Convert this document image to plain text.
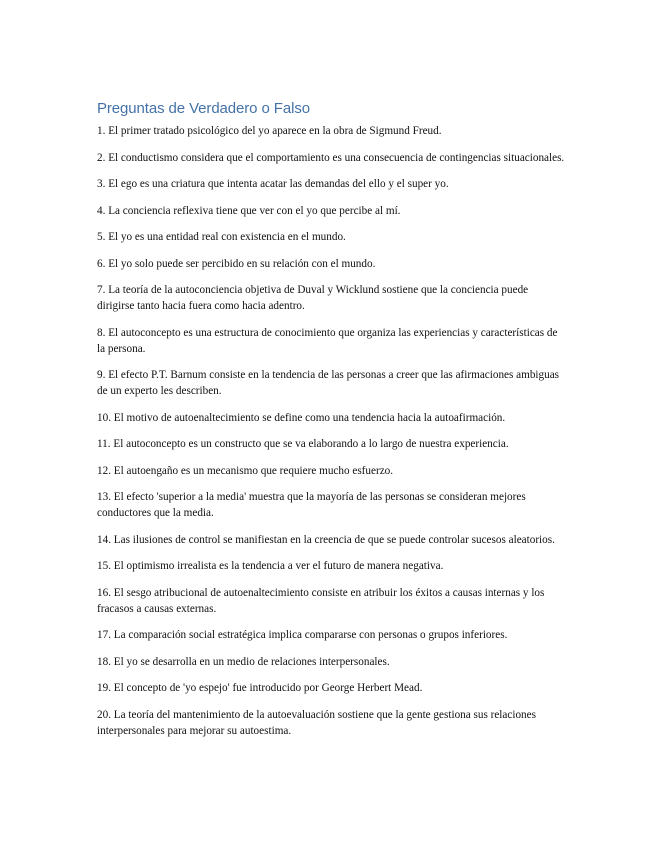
Preguntas de Verdadero o Falso
1. El primer tratado psicológico del yo aparece en la obra de Sigmund Freud.
2. El conductismo considera que el comportamiento es una consecuencia de contingencias situacionales.
3. El ego es una criatura que intenta acatar las demandas del ello y el super yo.
4. La conciencia reflexiva tiene que ver con el yo que percibe al mí.
5. El yo es una entidad real con existencia en el mundo.
6. El yo solo puede ser percibido en su relación con el mundo.
7. La teoría de la autoconciencia objetiva de Duval y Wicklund sostiene que la conciencia puede dirigirse tanto hacia fuera como hacia adentro.
8. El autoconcepto es una estructura de conocimiento que organiza las experiencias y características de la persona.
9. El efecto P.T. Barnum consiste en la tendencia de las personas a creer que las afirmaciones ambiguas de un experto les describen.
10. El motivo de autoenaltecimiento se define como una tendencia hacia la autoafirmación.
11. El autoconcepto es un constructo que se va elaborando a lo largo de nuestra experiencia.
12. El autoengaño es un mecanismo que requiere mucho esfuerzo.
13. El efecto 'superior a la media' muestra que la mayoría de las personas se consideran mejores conductores que la media.
14. Las ilusiones de control se manifiestan en la creencia de que se puede controlar sucesos aleatorios.
15. El optimismo irrealista es la tendencia a ver el futuro de manera negativa.
16. El sesgo atribucional de autoenaltecimiento consiste en atribuir los éxitos a causas internas y los fracasos a causas externas.
17. La comparación social estratégica implica compararse con personas o grupos inferiores.
18. El yo se desarrolla en un medio de relaciones interpersonales.
19. El concepto de 'yo espejo' fue introducido por George Herbert Mead.
20. La teoría del mantenimiento de la autoevaluación sostiene que la gente gestiona sus relaciones interpersonales para mejorar su autoestima.
